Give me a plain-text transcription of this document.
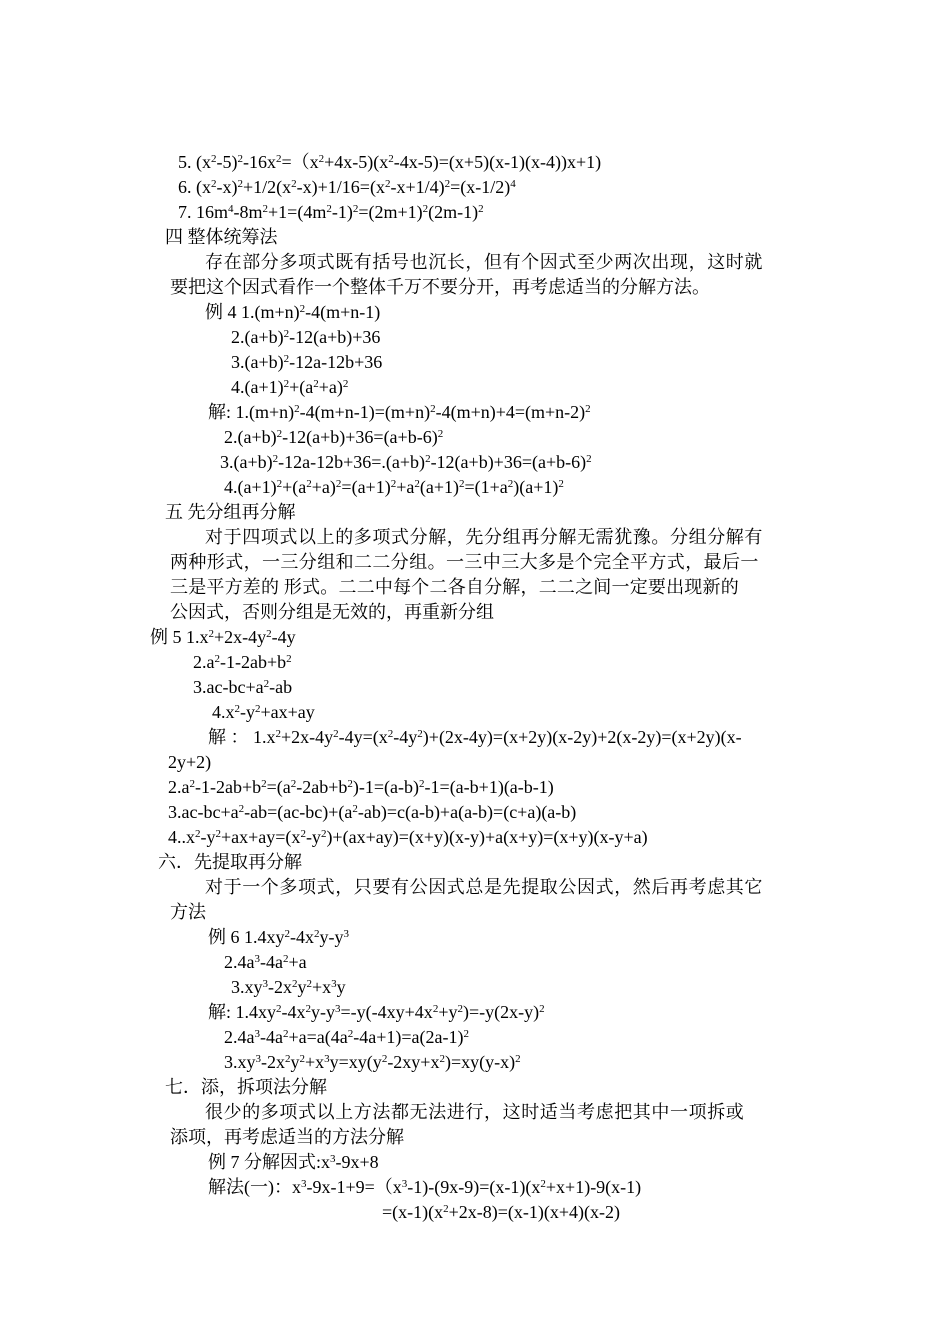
5. $(x^2-5)^2-16x^2=(x^2+4x-5)(x^2-4x-5)=(x+5)(x-1)(x-4))x+1$)
6. $(x^2-x)^2+1/2(x^2-x)+1/16=(x^2-x+1/4)^2=(x-1/2)^4$
7. $16m^4-8m^2+1=(4m^2-1)^2=(2m+1)^2(2m-1)^2$
四 整体统筹法
存在部分多项式既有括号也沉长，但有个因式至少两次出现，这时就
要把这个因式看作一个整体千万不要分开，再考虑适当的分解方法。
例 4 $1.(m+n)^2-4(m+n-1)$
$2.(a+b)^2-12(a+b)+36$
$3.(a+b)^2-12a-12b+36$
$4.(a+1)^2+(a^2+a)^2$
解: $1.(m+n)^2-4(m+n-1)=(m+n)^2-4(m+n)+4=(m+n-2)^2$
$2.(a+b)^2-12(a+b)+36=(a+b-6)^2$
$3.(a+b)^2-12a-12b+36=.(a+b)^2-12(a+b)+36=(a+b-6)^2$
$4.(a+1)^2+(a^2+a)^2=(a+1)^2+a^2(a+1)^2=(1+a^2)(a+1)^2$
五 先分组再分解
对于四项式以上的多项式分解，先分组再分解无需犹豫。分组分解有
两种形式，一三分组和二二分组。一三中三大多是个完全平方式，最后一
三是平方差的 形式。二二中每个二各自分解，二二之间一定要出现新的
公因式，否则分组是无效的，再重新分组
例 5 $1.x^2+2x-4y^2-4y$
$2.a^2-1-2ab+b^2$
$3.ac-bc+a^2-ab$
$4.x^2-y^2+ax+ay$
解 ： $1.x^2+2x-4y^2-4y=(x^2-4y^2)+(2x-4y)=(x+2y)(x-2y)+2(x-2y)=(x+2y)(x-$
2y+2)
$2.a^2-1-2ab+b^2=(a^2-2ab+b^2)-1=(a-b)^2-1=(a-b+1)(a-b-1)$
$3.ac-bc+a^2-ab=(ac-bc)+(a^2-ab)=c(a-b)+a(a-b)=(c+a)(a-b)$
$4..x^2-y^2+ax+ay=(x^2-y^2)+(ax+ay)=(x+y)(x-y)+a(x+y)=(x+y)(x-y+a)$
六．先提取再分解
对于一个多项式，只要有公因式总是先提取公因式，然后再考虑其它
方法
例 6 $1.4xy^2-4x^2y-y^3$
$2.4a^3-4a^2+a$
$3.xy^3-2x^2y^2+x^3y$
解: $1.4xy^2-4x^2y-y^3=-y(-4xy+4x^2+y^2)=-y(2x-y)^2$
$2.4a^3-4a^2+a=a(4a^2-4a+1)=a(2a-1)^2$
$3.xy^3-2x^2y^2+x^3y=xy(y^2-2xy+x^2)=xy(y-x)^2$
七．添，拆项法分解
很少的多项式以上方法都无法进行，这时适当考虑把其中一项拆或
添项，再考虑适当的方法分解
例 7 分解因式$:x^3-9x+8$
解法(一)：$x^3-9x-1+9=(x^3-1)-(9x-9)=(x-1)(x^2+x+1)-9(x-1)$
$=(x-1)(x^2+2x-8)=(x-1)(x+4)(x-2)$
